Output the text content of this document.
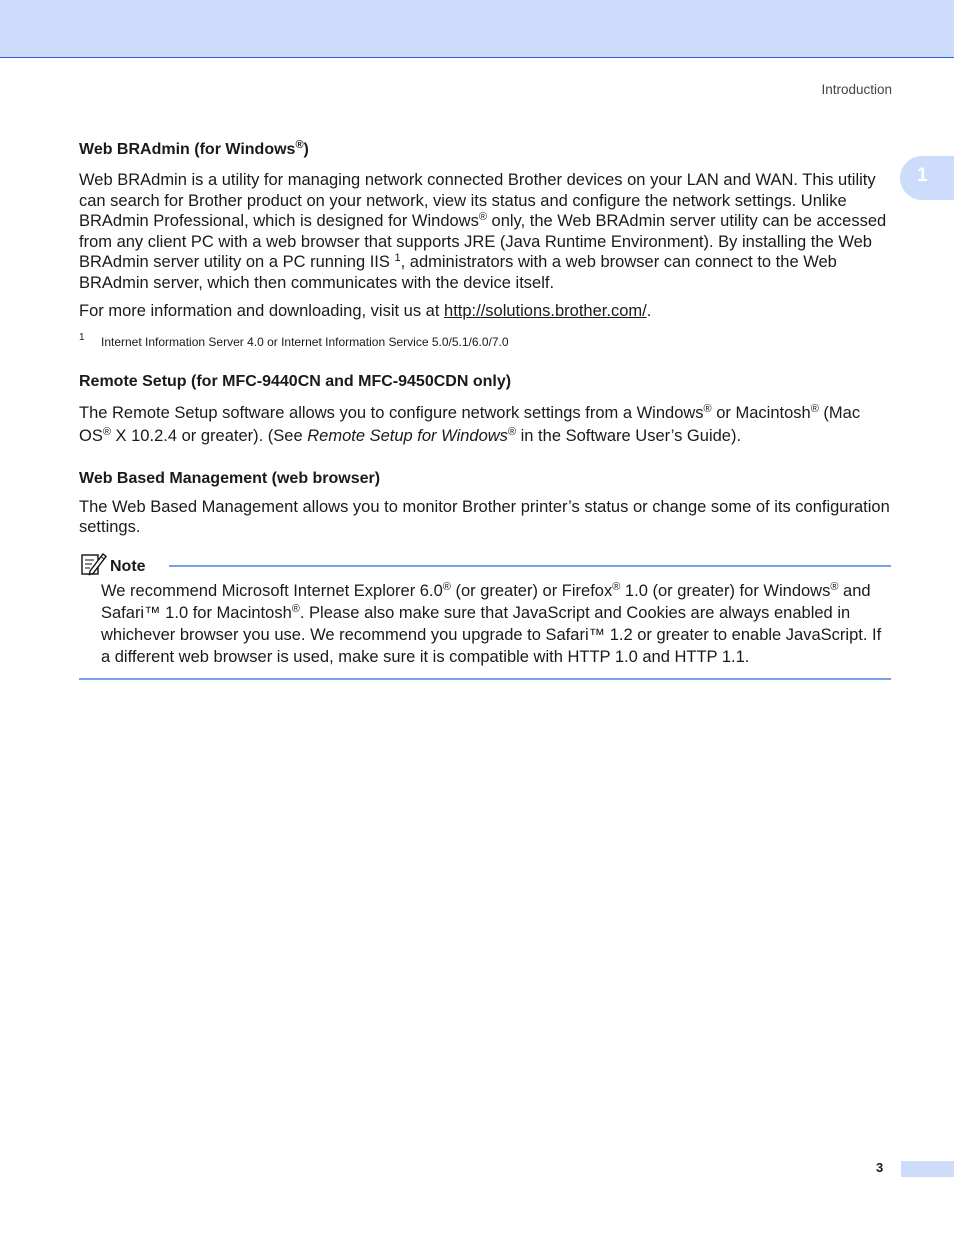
Introduction
1
Web BRAdmin (for Windows®)

Web BRAdmin is a utility for managing network connected Brother devices on your LAN and WAN. This utility can search for Brother product on your network, view its status and configure the network settings. Unlike BRAdmin Professional, which is designed for Windows® only, the Web BRAdmin server utility can be accessed from any client PC with a web browser that supports JRE (Java Runtime Environment). By installing the Web BRAdmin server utility on a PC running IIS $^1$, administrators with a web browser can connect to the Web BRAdmin server, which then communicates with the device itself.

For more information and downloading, visit us at http://solutions.brother.com/.

1 Internet Information Server 4.0 or Internet Information Service 5.0/5.1/6.0/7.0
Remote Setup (for MFC-9440CN and MFC-9450CDN only)

The Remote Setup software allows you to configure network settings from a Windows® or Macintosh® (Mac OS® X 10.2.4 or greater). (See Remote Setup for Windows® in the Software User’s Guide).

Web Based Management (web browser)

The Web Based Management allows you to monitor Brother printer’s status or change some of its configuration settings.

Note

We recommend Microsoft Internet Explorer 6.0® (or greater) or Firefox® 1.0 (or greater) for Windows® and Safari™ 1.0 for Macintosh®. Please also make sure that JavaScript and Cookies are always enabled in whichever browser you use. We recommend you upgrade to Safari™ 1.2 or greater to enable JavaScript. If a different web browser is used, make sure it is compatible with HTTP 1.0 and HTTP 1.1.

3
